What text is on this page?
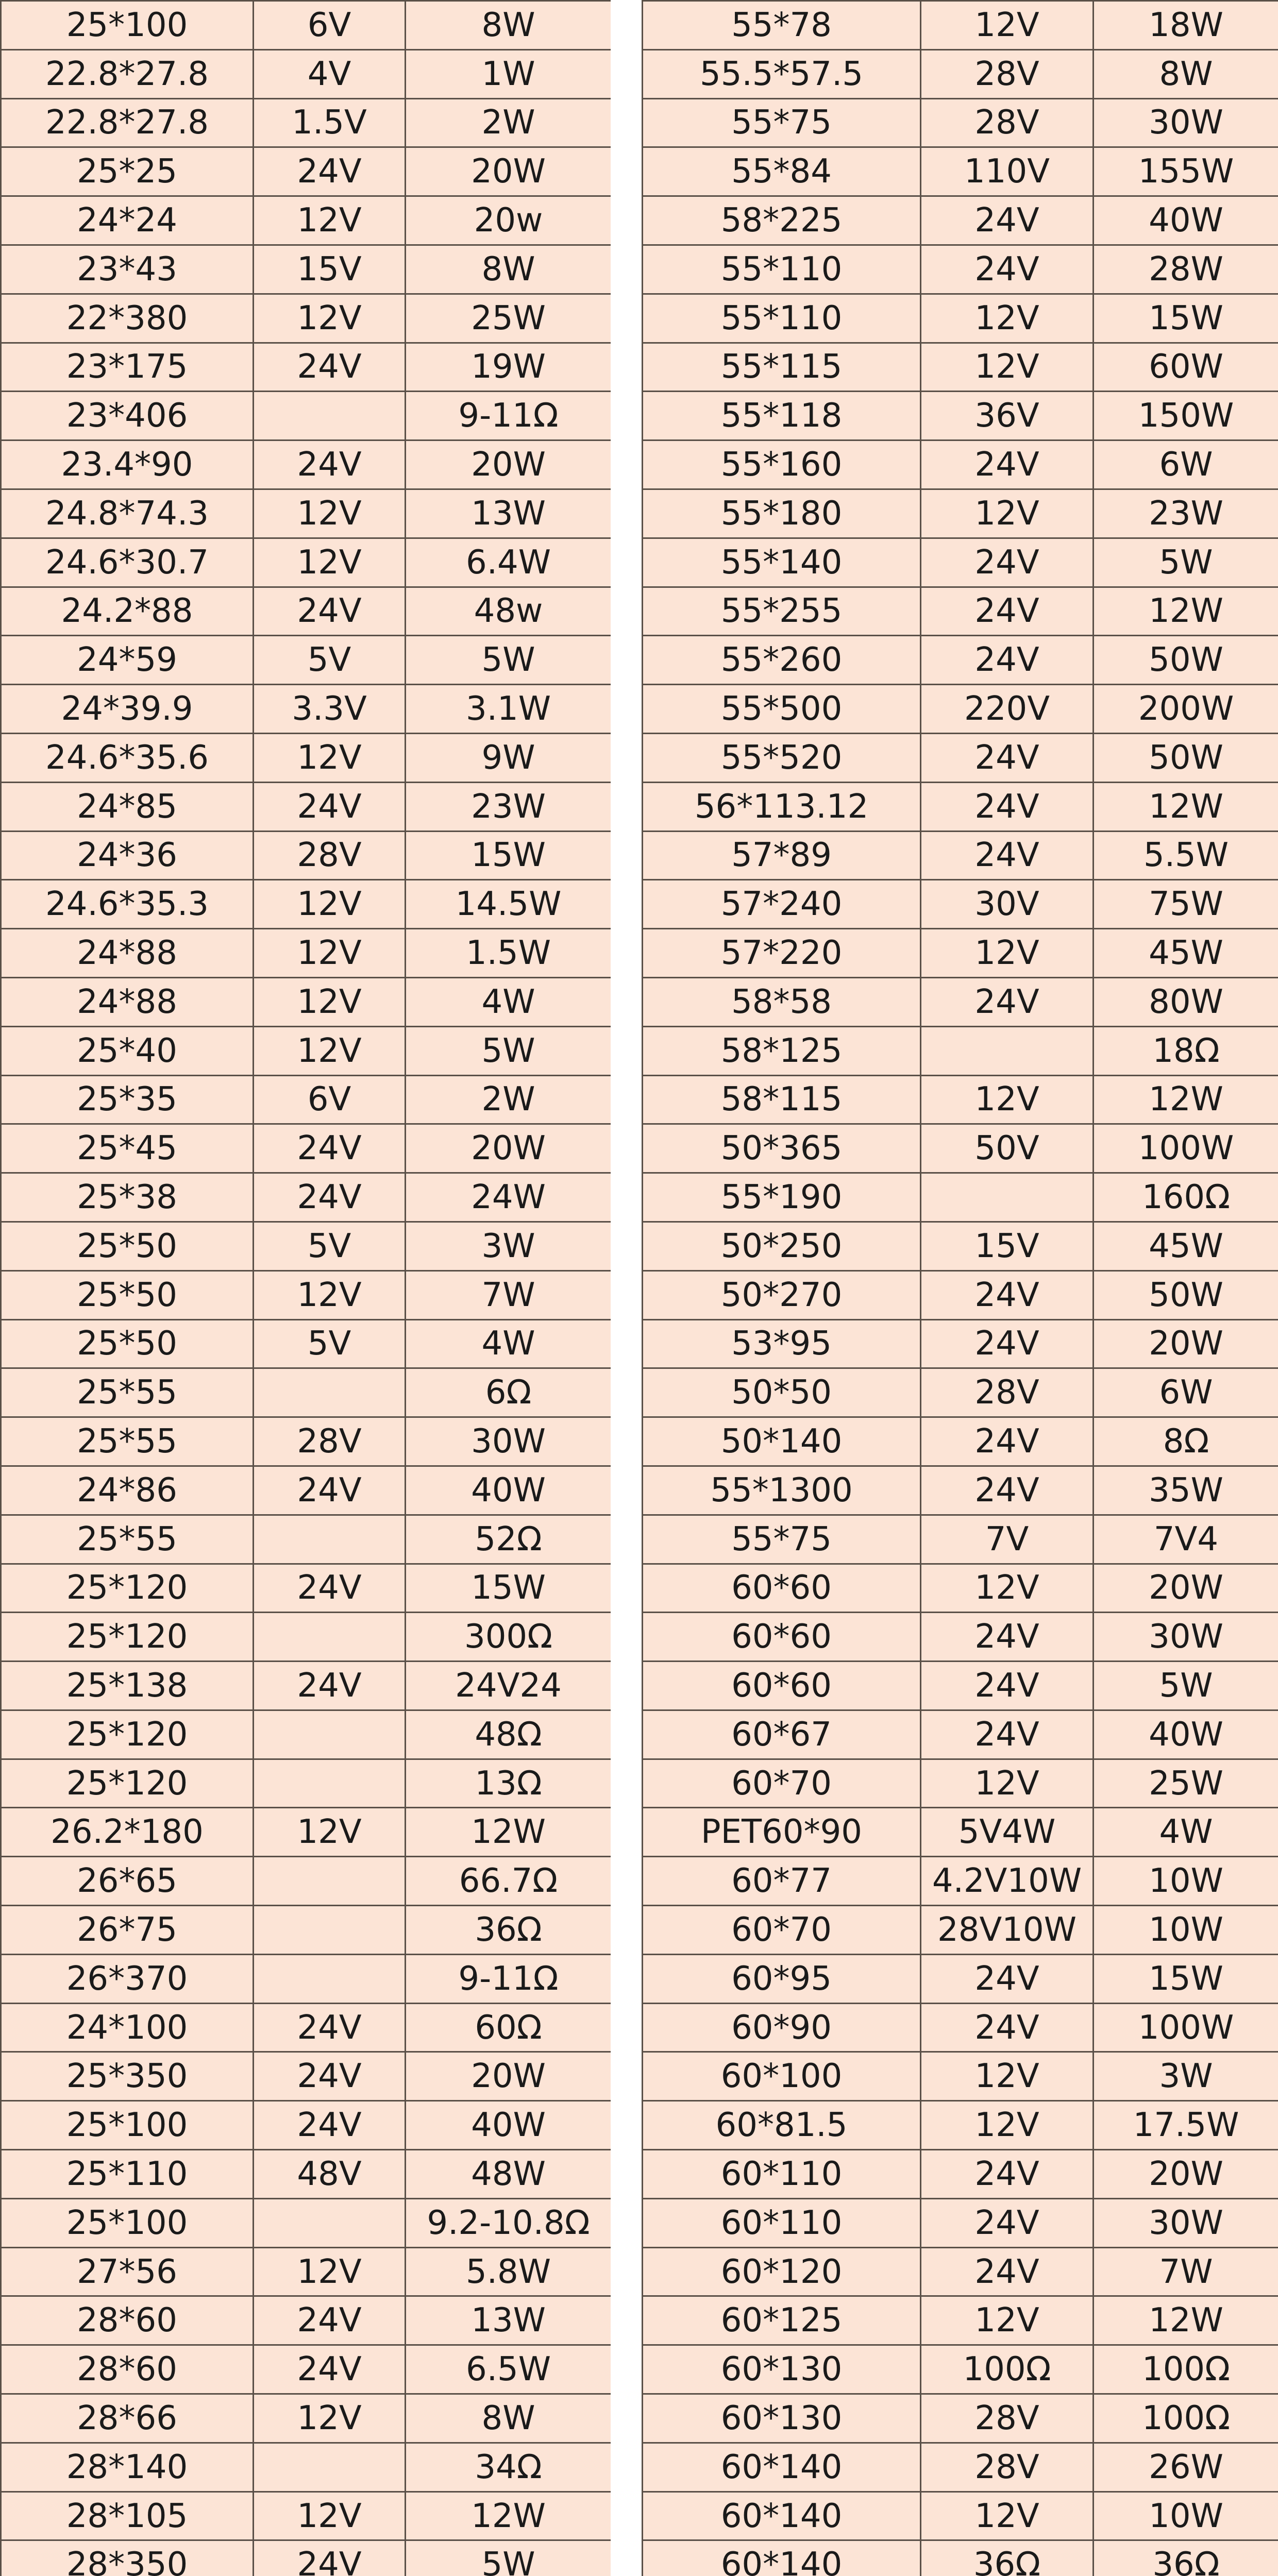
25*100	6V	8W
22.8*27.8	4V	1W
22.8*27.8	1.5V	2W
25*25	24V	20W
24*24	12V	20w
23*43	15V	8W
22*380	12V	25W
23*175	24V	19W
23*406		9-11Ω
23.4*90	24V	20W
24.8*74.3	12V	13W
24.6*30.7	12V	6.4W
24.2*88	24V	48w
24*59	5V	5W
24*39.9	3.3V	3.1W
24.6*35.6	12V	9W
24*85	24V	23W
24*36	28V	15W
24.6*35.3	12V	14.5W
24*88	12V	1.5W
24*88	12V	4W
25*40	12V	5W
25*35	6V	2W
25*45	24V	20W
25*38	24V	24W
25*50	5V	3W
25*50	12V	7W
25*50	5V	4W
25*55		6Ω
25*55	28V	30W
24*86	24V	40W
25*55		52Ω
25*120	24V	15W
25*120		300Ω
25*138	24V	24V24
25*120		48Ω
25*120		13Ω
26.2*180	12V	12W
26*65		66.7Ω
26*75		36Ω
26*370		9-11Ω
24*100	24V	60Ω
25*350	24V	20W
25*100	24V	40W
25*110	48V	48W
25*100		9.2-10.8Ω
27*56	12V	5.8W
28*60	24V	13W
28*60	24V	6.5W
28*66	12V	8W
28*140		34Ω
28*105	12V	12W
28*350	24V	5W

55*78	12V	18W
55.5*57.5	28V	8W
55*75	28V	30W
55*84	110V	155W
58*225	24V	40W
55*110	24V	28W
55*110	12V	15W
55*115	12V	60W
55*118	36V	150W
55*160	24V	6W
55*180	12V	23W
55*140	24V	5W
55*255	24V	12W
55*260	24V	50W
55*500	220V	200W
55*520	24V	50W
56*113.12	24V	12W
57*89	24V	5.5W
57*240	30V	75W
57*220	12V	45W
58*58	24V	80W
58*125		18Ω
58*115	12V	12W
50*365	50V	100W
55*190		160Ω
50*250	15V	45W
50*270	24V	50W
53*95	24V	20W
50*50	28V	6W
50*140	24V	8Ω
55*1300	24V	35W
55*75	7V	7V4
60*60	12V	20W
60*60	24V	30W
60*60	24V	5W
60*67	24V	40W
60*70	12V	25W
PET60*90	5V4W	4W
60*77	4.2V10W	10W
60*70	28V10W	10W
60*95	24V	15W
60*90	24V	100W
60*100	12V	3W
60*81.5	12V	17.5W
60*110	24V	20W
60*110	24V	30W
60*120	24V	7W
60*125	12V	12W
60*130	100Ω	100Ω
60*130	28V	100Ω
60*140	28V	26W
60*140	12V	10W
60*140	36Ω	36Ω
